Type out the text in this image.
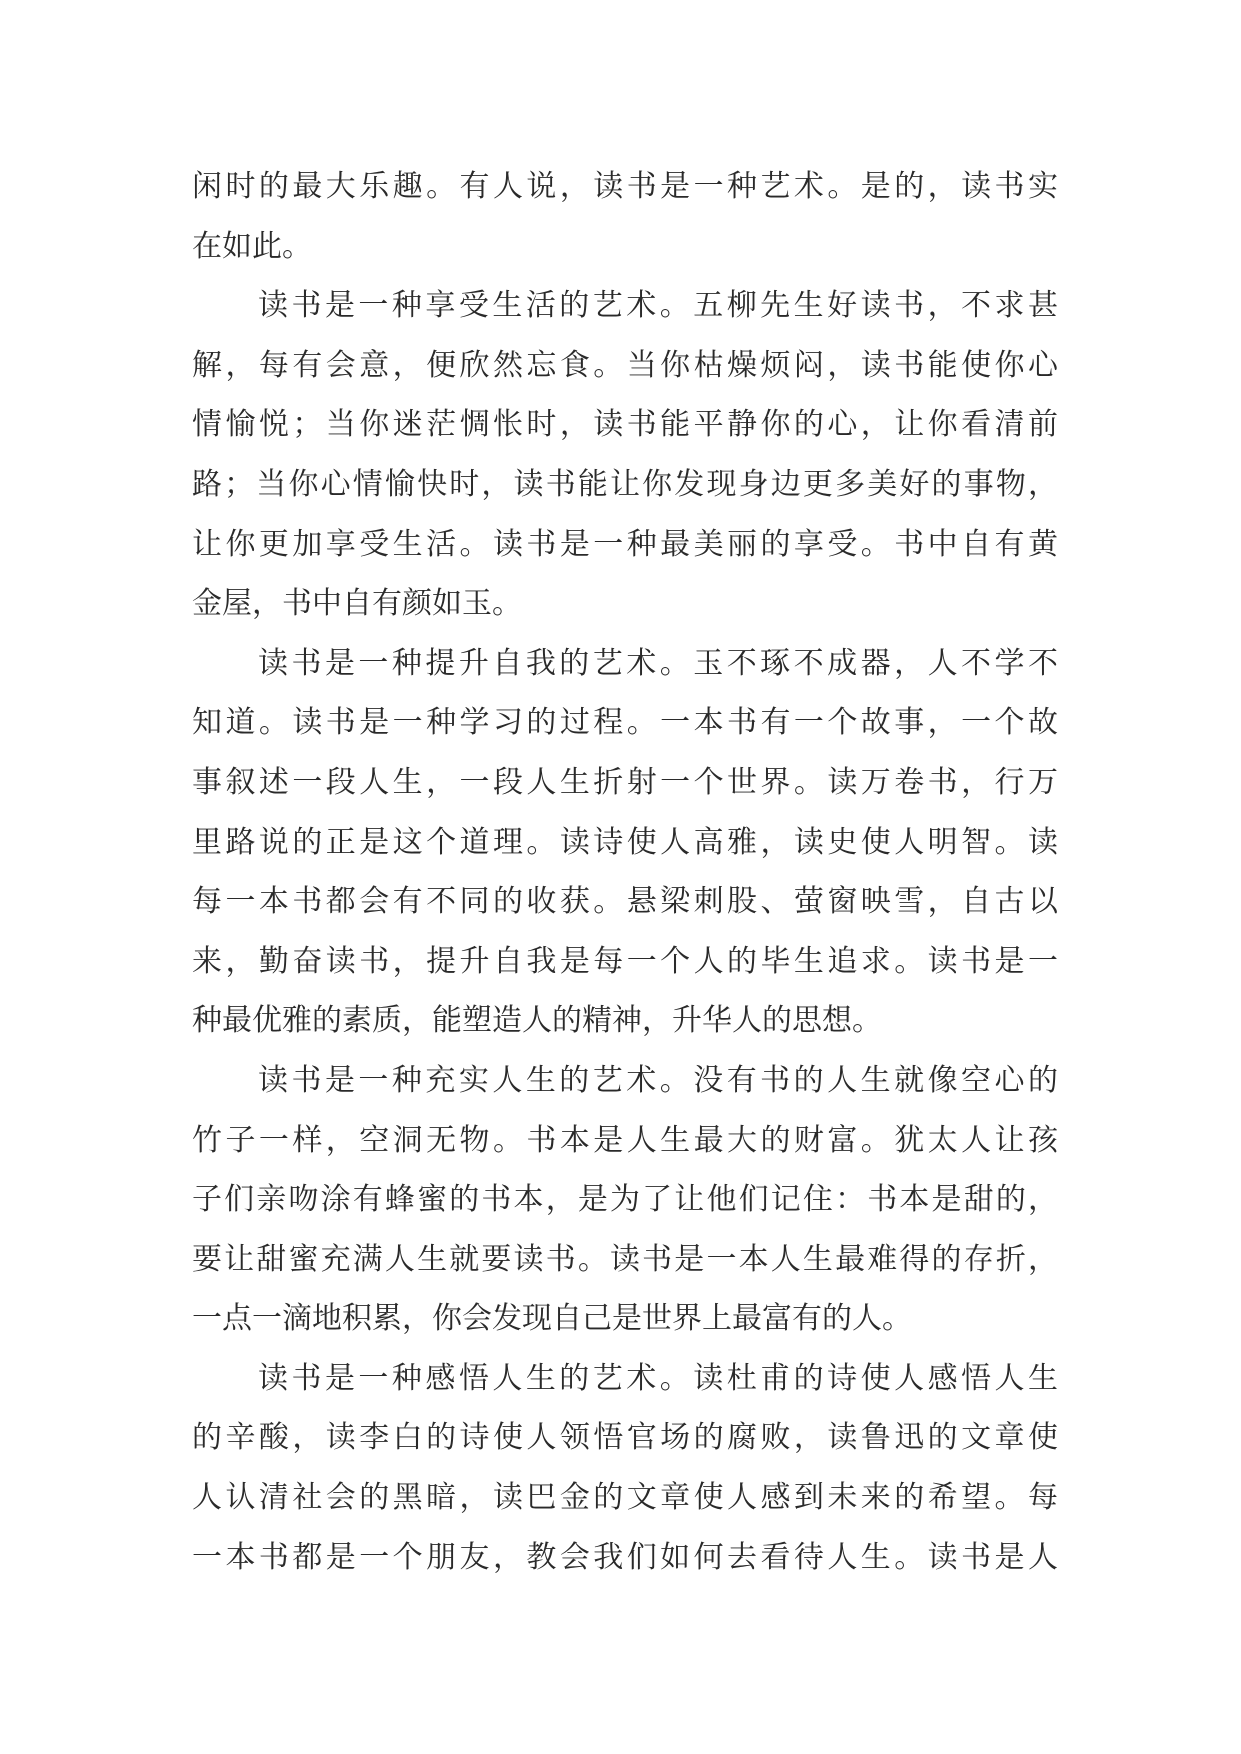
闲时的最大乐趣。有人说，读书是一种艺术。是的，读书实
在如此。
读书是一种享受生活的艺术。五柳先生好读书，不求甚
解，每有会意，便欣然忘食。当你枯燥烦闷，读书能使你心
情愉悦；当你迷茫惆怅时，读书能平静你的心，让你看清前
路；当你心情愉快时，读书能让你发现身边更多美好的事物，
让你更加享受生活。读书是一种最美丽的享受。书中自有黄
金屋，书中自有颜如玉。
读书是一种提升自我的艺术。玉不琢不成器，人不学不
知道。读书是一种学习的过程。一本书有一个故事，一个故
事叙述一段人生，一段人生折射一个世界。读万卷书，行万
里路说的正是这个道理。读诗使人高雅，读史使人明智。读
每一本书都会有不同的收获。悬梁刺股、萤窗映雪，自古以
来，勤奋读书，提升自我是每一个人的毕生追求。读书是一
种最优雅的素质，能塑造人的精神，升华人的思想。
读书是一种充实人生的艺术。没有书的人生就像空心的
竹子一样，空洞无物。书本是人生最大的财富。犹太人让孩
子们亲吻涂有蜂蜜的书本，是为了让他们记住：书本是甜的，
要让甜蜜充满人生就要读书。读书是一本人生最难得的存折，
一点一滴地积累，你会发现自己是世界上最富有的人。
读书是一种感悟人生的艺术。读杜甫的诗使人感悟人生
的辛酸，读李白的诗使人领悟官场的腐败，读鲁迅的文章使
人认清社会的黑暗，读巴金的文章使人感到未来的希望。每
一本书都是一个朋友，教会我们如何去看待人生。读书是人
